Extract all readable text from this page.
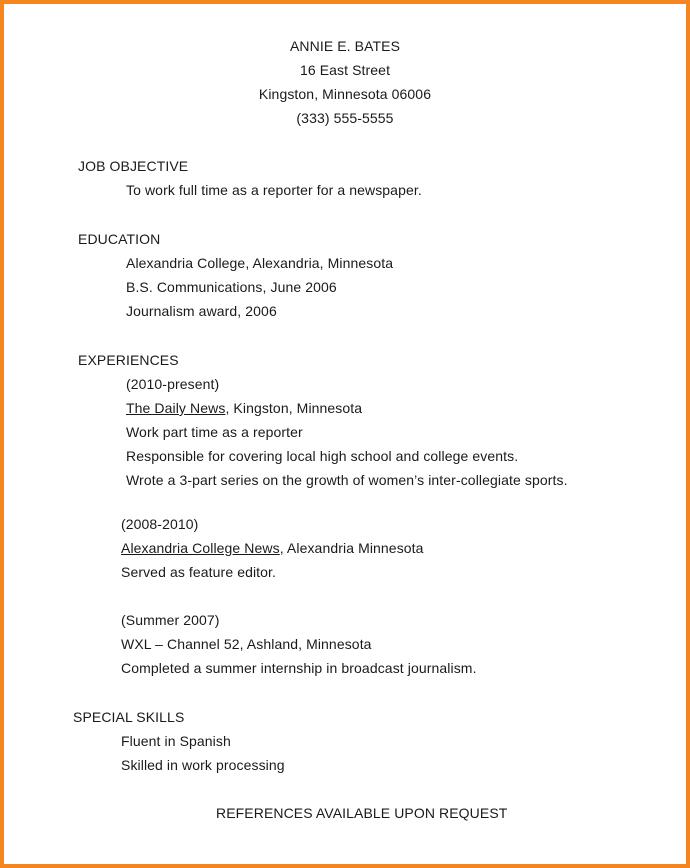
ANNIE E. BATES
16 East Street
Kingston, Minnesota 06006
(333) 555-5555
JOB OBJECTIVE
To work full time as a reporter for a newspaper.
EDUCATION
Alexandria College, Alexandria, Minnesota
B.S. Communications, June 2006
Journalism award, 2006
EXPERIENCES
(2010-present)
The Daily News, Kingston, Minnesota
Work part time as a reporter
Responsible for covering local high school and college events.
Wrote a 3-part series on the growth of women’s inter-collegiate sports.
(2008-2010)
Alexandria College News, Alexandria Minnesota
Served as feature editor.
(Summer 2007)
WXL – Channel 52, Ashland, Minnesota
Completed a summer internship in broadcast journalism.
SPECIAL SKILLS
Fluent in Spanish
Skilled in work processing
REFERENCES AVAILABLE UPON REQUEST
